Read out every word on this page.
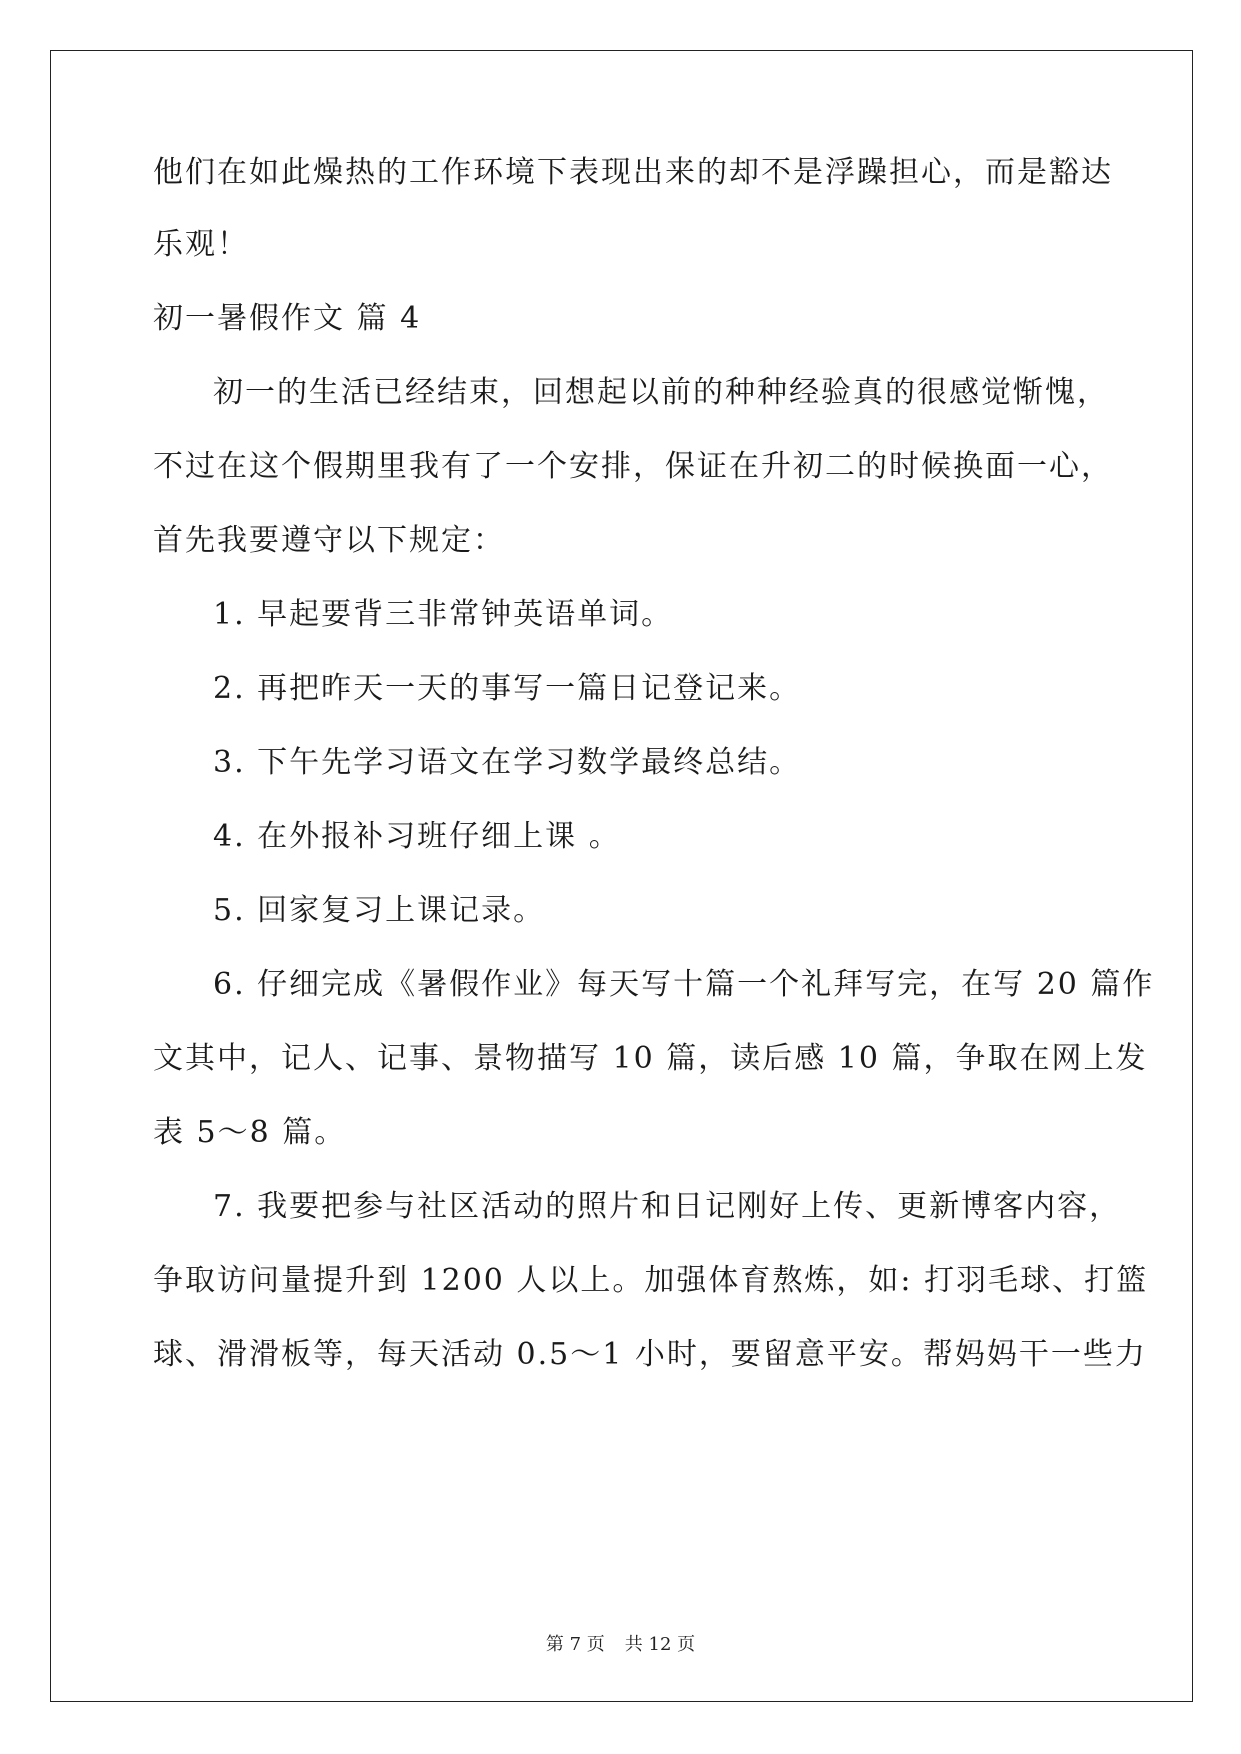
他们在如此燥热的工作环境下表现出来的却不是浮躁担心，而是豁达
乐观！
初一暑假作文 篇 4
初一的生活已经结束，回想起以前的种种经验真的很感觉惭愧，
不过在这个假期里我有了一个安排，保证在升初二的时候换面一心，
首先我要遵守以下规定：
1. 早起要背三非常钟英语单词。
2. 再把昨天一天的事写一篇日记登记来。
3. 下午先学习语文在学习数学最终总结。
4. 在外报补习班仔细上课 。
5. 回家复习上课记录。
6. 仔细完成《暑假作业》每天写十篇一个礼拜写完，在写 20 篇作
文其中，记人、记事、景物描写 10 篇，读后感 10 篇，争取在网上发
表 5～8 篇。
7. 我要把参与社区活动的照片和日记刚好上传、更新博客内容，
争取访问量提升到 1200 人以上。加强体育熬炼，如: 打羽毛球、打篮
球、滑滑板等，每天活动 0.5～1 小时，要留意平安。帮妈妈干一些力
第 7 页 共 12 页
